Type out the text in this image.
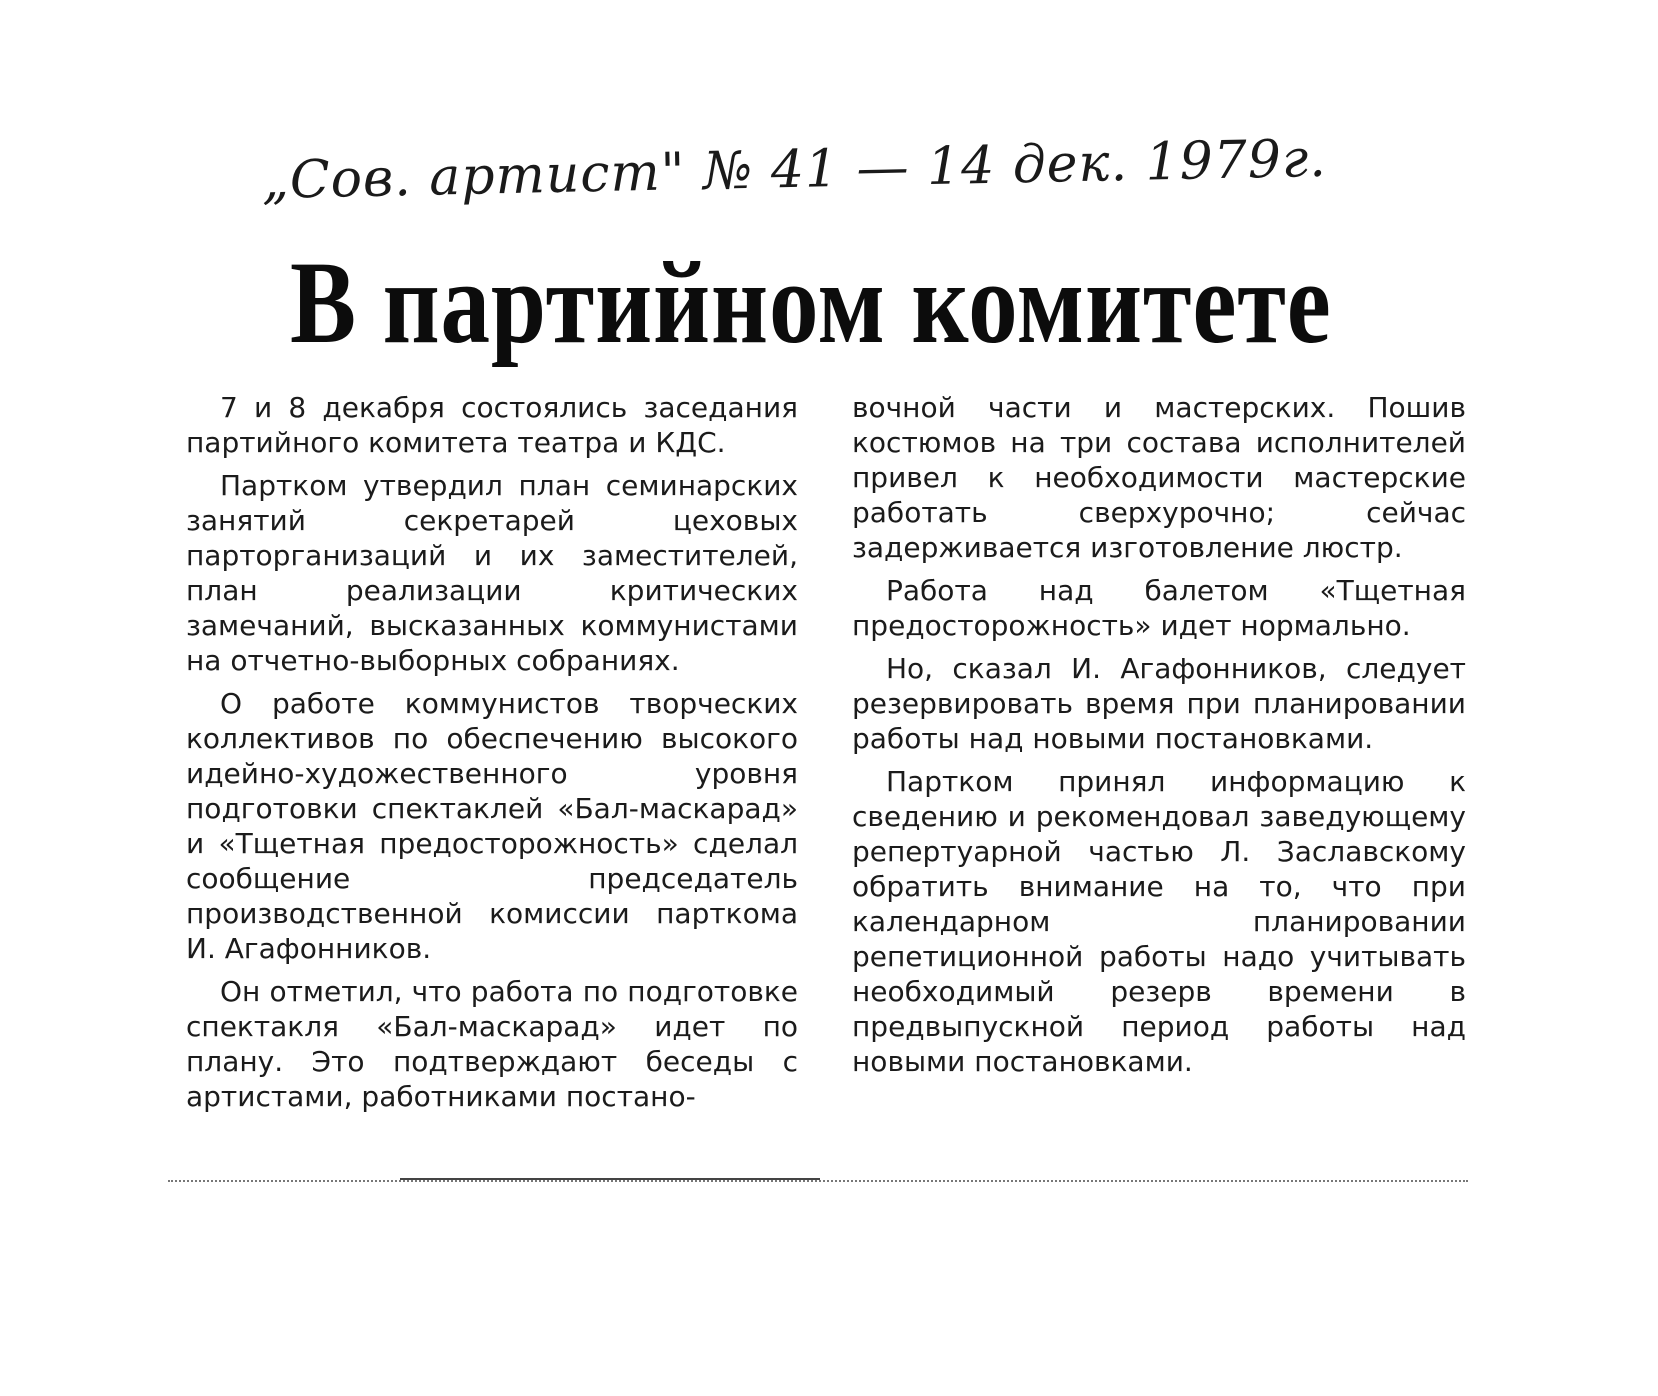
„Сов. артист" № 41 — 14 дек. 1979г.
В партийном комитете

7 и 8 декабря состоялись заседания партийного комитета театра и КДС.

Партком утвердил план семинарских занятий секретарей цеховых парторганизаций и их заместителей, план реализации критических замечаний, высказанных коммунистами на отчетно-выборных собраниях.

О работе коммунистов творческих коллективов по обеспечению высокого идейно-художественного уровня подготовки спектаклей «Бал-маскарад» и «Тщетная предосторожность» сделал сообщение председатель производственной комиссии парткома И. Агафонников.

Он отметил, что работа по подготовке спектакля «Бал-маскарад» идет по плану. Это подтверждают беседы с артистами, работниками постано-

вочной части и мастерских. Пошив костюмов на три состава исполнителей привел к необходимости мастерские работать сверхурочно; сейчас задерживается изготовление люстр.

Работа над балетом «Тщетная предосторожность» идет нормально.

Но, сказал И. Агафонников, следует резервировать время при планировании работы над новыми постановками.

Партком принял информацию к сведению и рекомендовал заведующему репертуарной частью Л. Заславскому обратить внимание на то, что при календарном планировании репетиционной работы надо учитывать необходимый резерв времени в предвыпускной период работы над новыми постановками.
